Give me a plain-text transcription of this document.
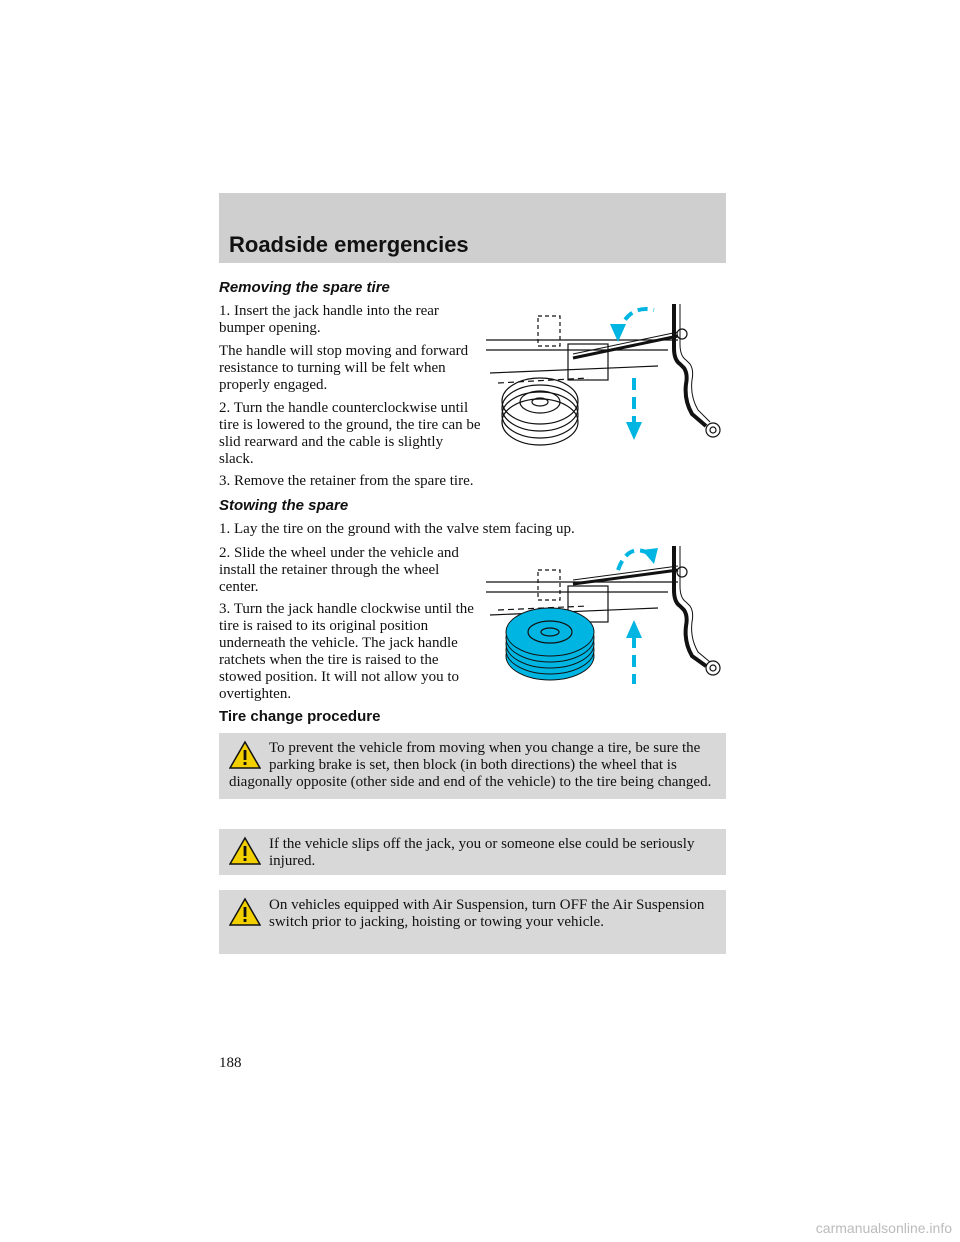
Roadside emergencies
Removing the spare tire

1. Insert the jack handle into the rear bumper opening.

The handle will stop moving and forward resistance to turning will be felt when properly engaged.

2. Turn the handle counterclockwise until tire is lowered to the ground, the tire can be slid rearward and the cable is slightly slack.

3. Remove the retainer from the spare tire.

Stowing the spare

1. Lay the tire on the ground with the valve stem facing up.

2. Slide the wheel under the vehicle and install the retainer through the wheel center.

3. Turn the jack handle clockwise until the tire is raised to its original position underneath the vehicle. The jack handle ratchets when the tire is raised to the stowed position. It will not allow you to overtighten.

Tire change procedure

To prevent the vehicle from moving when you change a tire, be sure the parking brake is set, then block (in both directions) the wheel that is diagonally opposite (other side and end of the vehicle) to the tire being changed.

If the vehicle slips off the jack, you or someone else could be seriously injured.

On vehicles equipped with Air Suspension, turn OFF the Air Suspension switch prior to jacking, hoisting or towing your vehicle.

188

carmanualsonline.info
